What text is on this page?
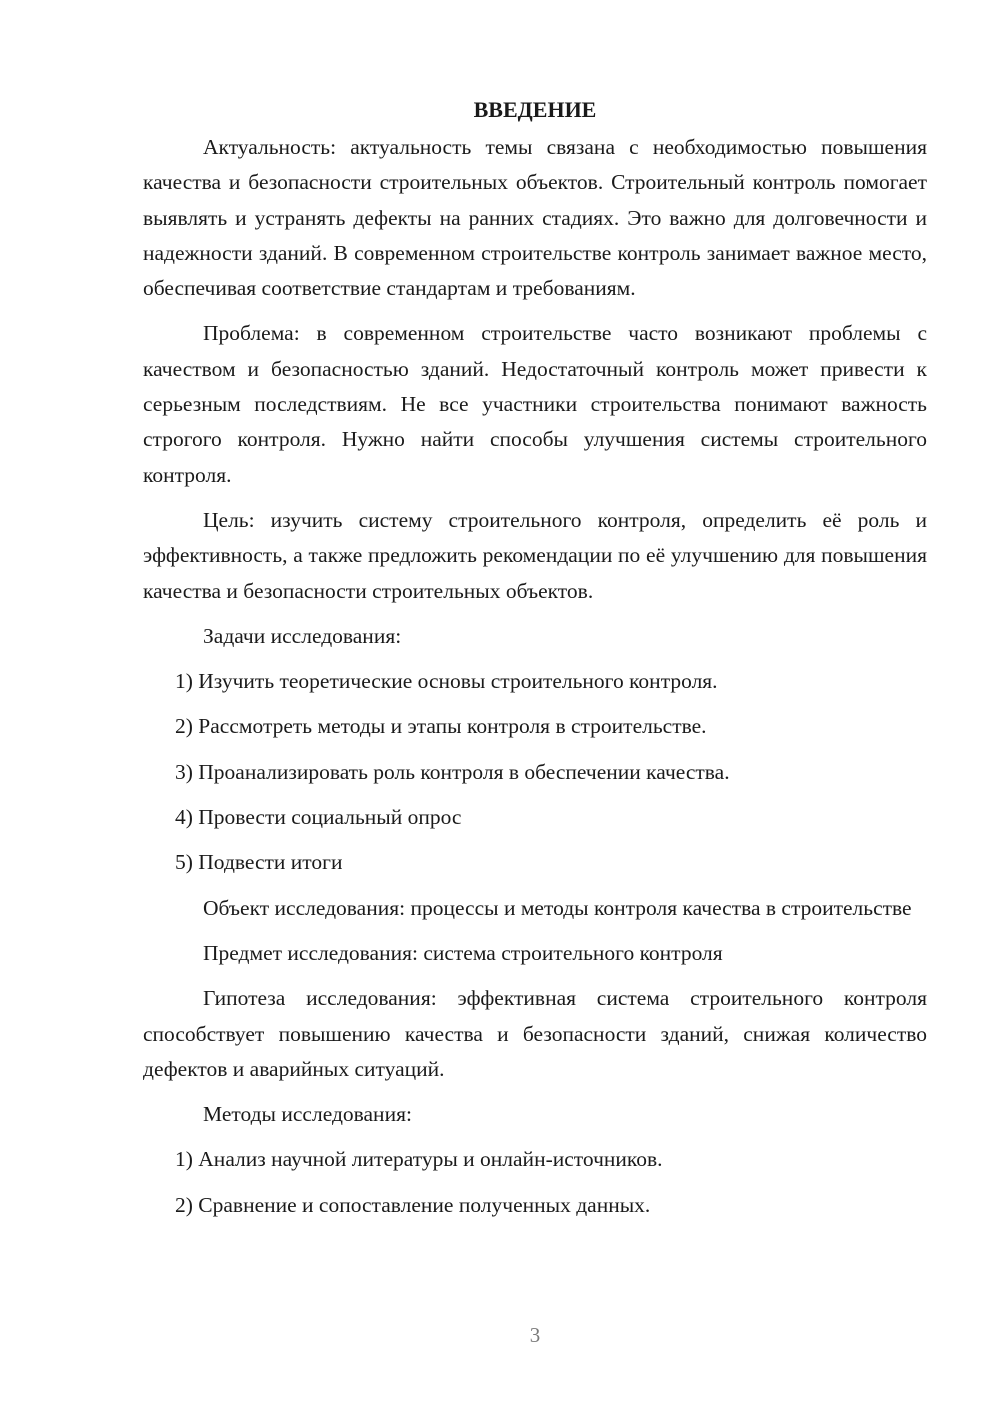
ВВЕДЕНИЕ

Актуальность: актуальность темы связана с необходимостью повышения качества и безопасности строительных объектов. Строительный контроль помогает выявлять и устранять дефекты на ранних стадиях. Это важно для долговечности и надежности зданий. В современном строительстве контроль занимает важное место, обеспечивая соответствие стандартам и требованиям.

Проблема: в современном строительстве часто возникают проблемы с качеством и безопасностью зданий. Недостаточный контроль может привести к серьезным последствиям. Не все участники строительства понимают важность строгого контроля. Нужно найти способы улучшения системы строительного контроля.

Цель: изучить систему строительного контроля, определить её роль и эффективность, а также предложить рекомендации по её улучшению для повышения качества и безопасности строительных объектов.

Задачи исследования:

1) Изучить теоретические основы строительного контроля.
2) Рассмотреть методы и этапы контроля в строительстве.
3) Проанализировать роль контроля в обеспечении качества.
4) Провести социальный опрос
5) Подвести итоги

Объект исследования: процессы и методы контроля качества в строительстве

Предмет исследования: система строительного контроля

Гипотеза исследования: эффективная система строительного контроля способствует повышению качества и безопасности зданий, снижая количество дефектов и аварийных ситуаций.

Методы исследования:

1) Анализ научной литературы и онлайн-источников.
2) Сравнение и сопоставление полученных данных.
3
